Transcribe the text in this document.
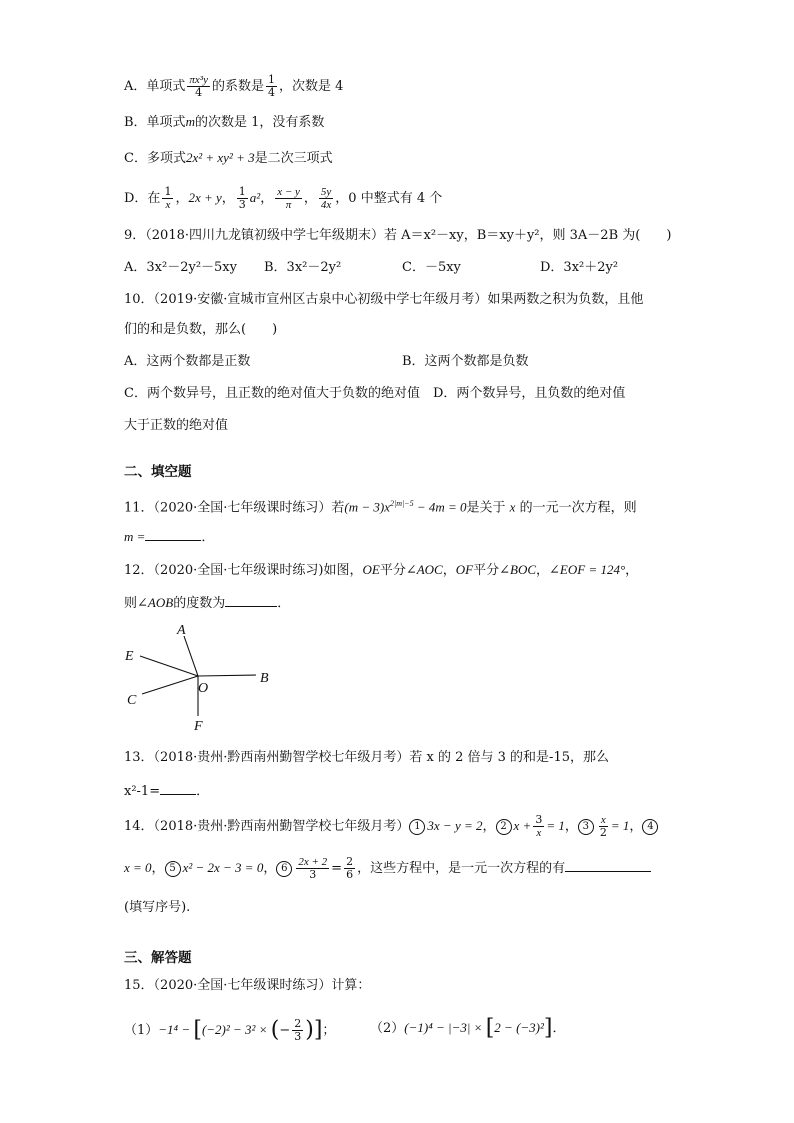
A．单项式 $\frac{\text{πx³y}}{4}$ 的系数是 $\frac{1}{4}$ ，次数是 4
B．单项式m的次数是 1，没有系数
C．多项式2x² + xy² + 3是二次三项式
D．在 $\frac{1}{x}$ ，2x + y， $\frac{1}{3} a^2$， $\frac{x - y}{\pi}$ ， $\frac{5y}{4x}$ ，0 中整式有 4 个
9．（2018·四川九龙镇初级中学七年级期末）若 A＝x²－xy，B＝xy＋y²，则 3A－2B 为(　　)
A．3x²－2y²－5xy B．3x²－2y²	C．－5xy	D．3x²＋2y²
10．（2019·安徽·宣城市宣州区古泉中心初级中学七年级月考）如果两数之积为负数，且他
们的和是负数，那么(　　)
A．这两个数都是正数	B．这两个数都是负数
C．两个数异号，且正数的绝对值大于负数的绝对值　D．两个数异号，且负数的绝对值
大于正数的绝对值
二、填空题
11．（2020·全国·七年级课时练习）若$(m - 3)x^{2|m|-5} - 4m = 0$是关于 x 的一元一次方程，则
m =	．
12．（2020·全国·七年级课时练习)如图，OE平分∠AOC，OF平分∠BOC，∠EOF = 124°，
则∠AOB的度数为	．
A
E
O
B
C
F
13．（2018·贵州·黔西南州勤智学校七年级月考）若 x 的 2 倍与 3 的和是-15，那么
x²-1=	．
14．（2018·贵州·黔西南州勤智学校七年级月考） 1 3x − y = 2， 2 $x + \frac{3}{x} = 1$， $3 \frac{x}{2} = 1$， 4
x = 0， 5 x² − 2x − 3 = 0， $6 \frac{2x + 2}{3} = \frac{2}{6}$ ，这些方程中，是一元一次方程的有
(填写序号).
三、解答题
15．（2020·全国·七年级课时练习）计算：
（1）−1⁴ − [(−2)² − 3² × (− $\frac{2}{3}$ )]；	（2）(−1)⁴ − |−3| × [2 − (−3)²]．
